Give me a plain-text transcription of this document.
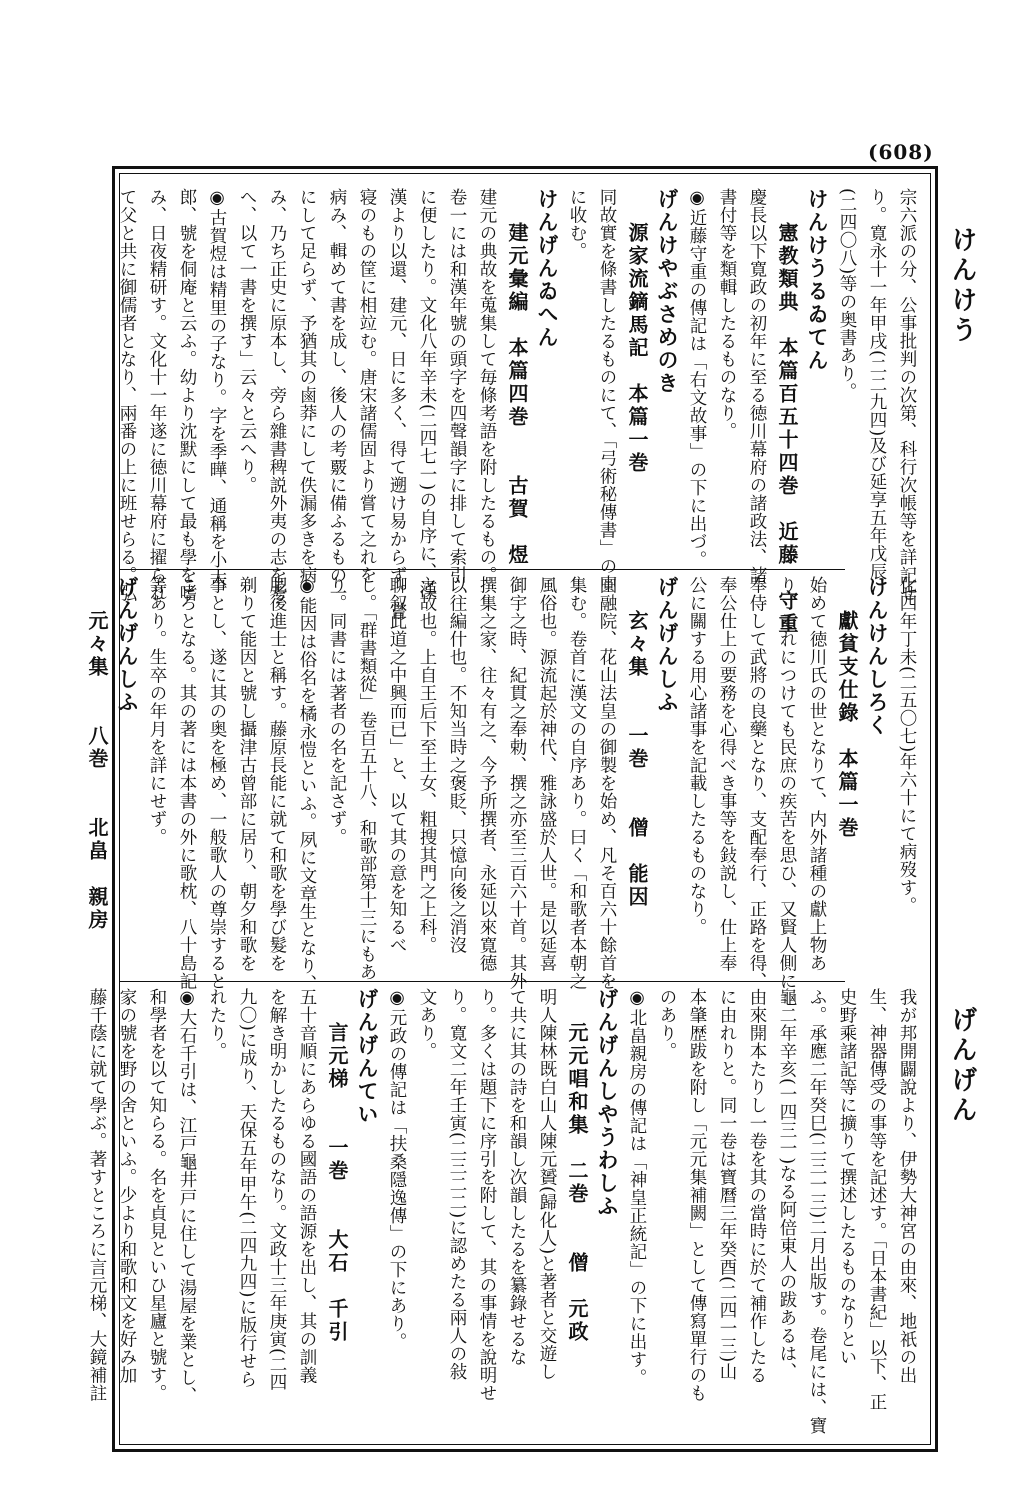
(608)
けんけう
げんげん
宗六派の分、公事批判の次第、科行次帳等を詳記せ
り。寛永十一年甲戌(二二九四)及び延享五年戊辰
(二四〇八)等の奥書あり。
けんけうるゐてん
憲教類典　本篇百五十四巻　近藤　守重
慶長以下寛政の初年に至る徳川幕府の諸政法、諸
書付等を類輯したるものなり。
◉近藤守重の傳記は「右文故事」の下に出づ。
げんけやぶさめのき
源家流鏑馬記　本篇一巻
同故實を條書したるものにて、「弓術秘傳書」の中
に收む。
けんげんゐへん
建元彙編　本篇四巻　　古賀　煜
建元の典故を蒐集して毎條考語を附したるもの。
卷一には和漢年號の頭字を四聲韻字に排して索引
に便したり。文化八年辛未(二四七一)の自序に、漢
漢より以還、建元、日に多く、得て遡け易からず。嘗
寝のもの筐に相竝む。唐宋諸儒固より嘗て之れを
病み、輯めて書を成し、後人の考覈に備ふるもの一
にして足らず、予猶其の鹵莽にして佚漏多きを病
み、乃ち正史に原本し、旁ら雜書稗説外夷の志を考
へ、以て一書を撰す」云々と云へり。
◉古賀煜は精里の子なり。字を季曄、通稱を小太
郎、號を侗庵と云ふ。幼より沈默にして最も學を嗜
み、日夜精研す。文化十一年遂に徳川幕府に擢られ
て父と共に御儒者となり、兩番の上に班せらる。弘
化四年丁未(二五〇七)年六十にて病歿す。
けんけんしろく
獻貧支仕錄　本篇一巻
始めて徳川氏の世となりて、内外諸種の獻上物あ
り、それにつけても民庶の疾苦を思ひ、又賢人側に
奉侍して武將の良藥となり、支配奉行、正路を得、
奉公仕上の要務を心得べき事等を鈙説し、仕上奉
公に關する用心諸事を記載したるものなり。
げんげんしふ
玄々集　　一巻　　僧　能因
圓融院、花山法皇の御製を始め、凡そ百六十餘首を
集む。卷首に漢文の自序あり。曰く「和歌者本朝之
風俗也。源流起於神代、雅詠盛於人世。是以延喜
御宇之時、紀貫之奉勅、撰之亦至三百六十首。其外
撰集之家、往々有之、今予所撰者、永延以來寛德
以往編什也。不知当時之褒貶、只憶向後之消沒
之故也。上自王后下至土女、粗搜其門之上科。
聊叙此道之中興而已」と、以て其の意を知るべ
し。「群書類從」卷百五十八、和歌部第十三にもあ
り。同書には著者の名を記さず。
◉能因は俗名を橘永愷といふ。夙に文章生となり、
肥後進士と稱す。藤原長能に就て和歌を學び髮を
剃りて能因と號し攝津古曾部に居り、朝夕和歌を
事とし、遂に其の奥を極め、一般歌人の尊崇すると
ころとなる。其の著には本書の外に歌枕、八十島記
等あり。生卒の年月を詳にせず。
げんげんしふ
元々集　　八巻　　北畠　親房
我が邦開闢說より、伊勢大神宮の由來、地祇の出
生、神器傳受の事等を記述す。「日本書紀」以下、正
史野乘諸記等に擴りて撰述したるものなりとい
ふ。承應二年癸巳(二三一三)二月出版す。卷尾には、寶
龜二年辛亥(一四三一)なる阿倍東人の跋あるは、
由來開本たりし一卷を其の當時に於て補作したる
に由れりと。同一卷は寶曆三年癸酉(二四一三)山
本肇歴跋を附し「元元集補闕」として傳寫單行のも
のあり。
◉北畠親房の傳記は「神皇正統記」の下に出す。
げんげんしやうわしふ
元元唱和集　二巻　　僧　元政
明人陳林既白山人陳元贇(歸化人)と著者と交遊し
て共に其の詩を和韻し次韻したるを纂錄せるな
り。多くは題下に序引を附して、其の事情を說明せ
り。寛文二年壬寅(二三二二)に認めたる兩人の敍
文あり。
◉元政の傳記は「扶桑隱逸傳」の下にあり。
げんげんてい
言元梯　　一巻　　大石　千引
五十音順にあらゆる國語の語源を出し、其の訓義
を解き明かしたるものなり。文政十三年庚寅(二四
九〇)に成り、天保五年甲午(二四九四)に版行せら
れたり。
◉大石千引は、江戸龜井戸に住して湯屋を業とし、
和學者を以て知らる。名を貞見といひ星廬と號す。
家の號を野の舍といふ。少より和歌和文を好み加
藤千蔭に就て學ぶ。著すところに言元梯、大鏡補註
